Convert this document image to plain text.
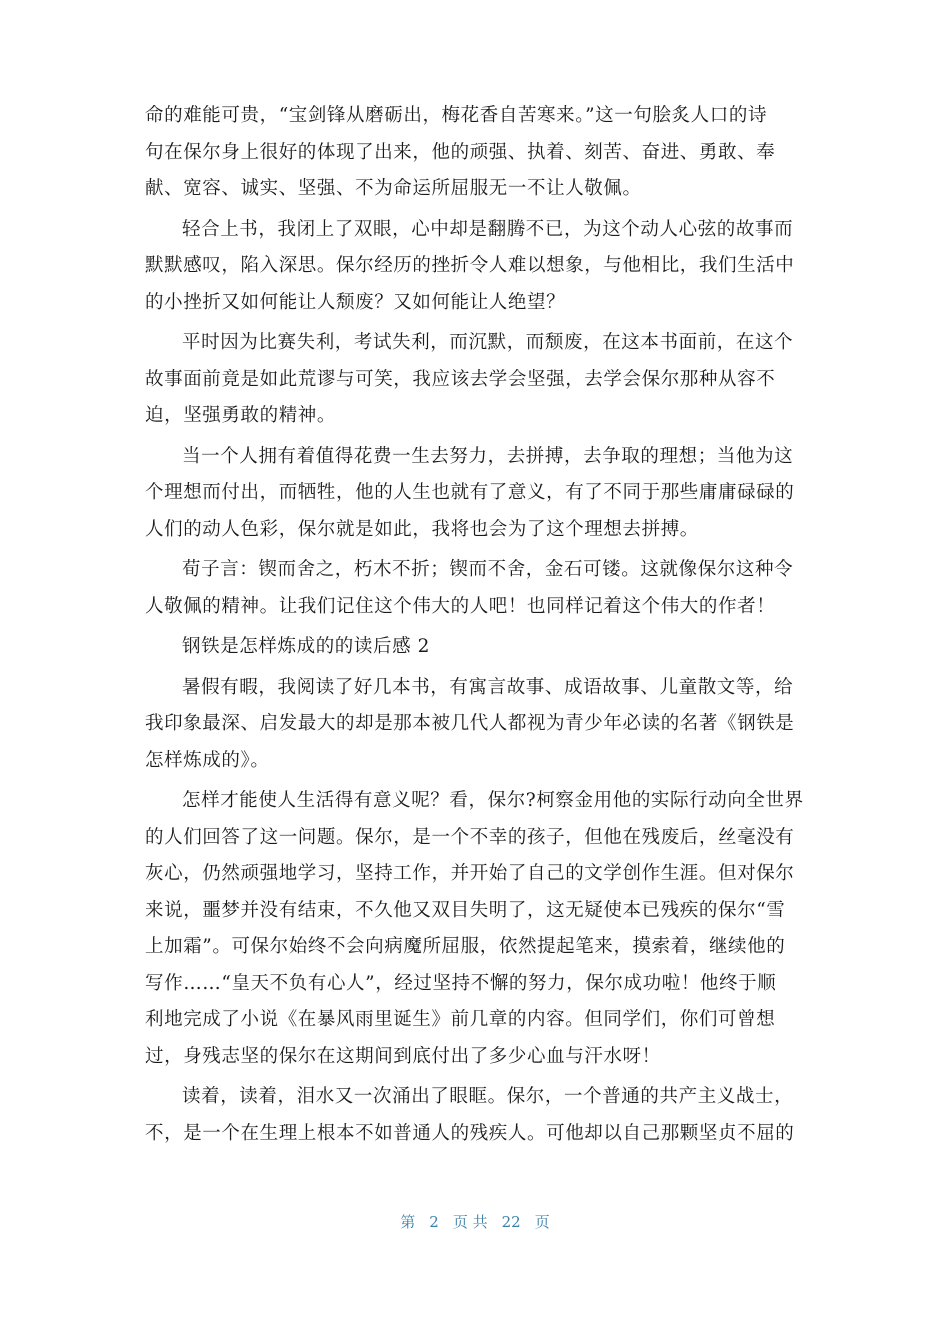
命的难能可贵，“宝剑锋从磨砺出，梅花香自苦寒来。”这一句脍炙人口的诗
句在保尔身上很好的体现了出来，他的顽强、执着、刻苦、奋进、勇敢、奉
献、宽容、诚实、坚强、不为命运所屈服无一不让人敬佩。
轻合上书，我闭上了双眼，心中却是翻腾不已，为这个动人心弦的故事而
默默感叹，陷入深思。保尔经历的挫折令人难以想象，与他相比，我们生活中
的小挫折又如何能让人颓废？又如何能让人绝望？
平时因为比赛失利，考试失利，而沉默，而颓废，在这本书面前，在这个
故事面前竟是如此荒谬与可笑，我应该去学会坚强，去学会保尔那种从容不
迫，坚强勇敢的精神。
当一个人拥有着值得花费一生去努力，去拼搏，去争取的理想；当他为这
个理想而付出，而牺牲，他的人生也就有了意义，有了不同于那些庸庸碌碌的
人们的动人色彩，保尔就是如此，我将也会为了这个理想去拼搏。
荀子言：锲而舍之，朽木不折；锲而不舍，金石可镂。这就像保尔这种令
人敬佩的精神。让我们记住这个伟大的人吧！也同样记着这个伟大的作者！
钢铁是怎样炼成的的读后感 2
暑假有暇，我阅读了好几本书，有寓言故事、成语故事、儿童散文等，给
我印象最深、启发最大的却是那本被几代人都视为青少年必读的名著《钢铁是
怎样炼成的》。
怎样才能使人生活得有意义呢？看，保尔?柯察金用他的实际行动向全世界
的人们回答了这一问题。保尔，是一个不幸的孩子，但他在残废后，丝毫没有
灰心，仍然顽强地学习，坚持工作，并开始了自己的文学创作生涯。但对保尔
来说，噩梦并没有结束，不久他又双目失明了，这无疑使本已残疾的保尔“雪
上加霜”。可保尔始终不会向病魔所屈服，依然提起笔来，摸索着，继续他的
写作……“皇天不负有心人”，经过坚持不懈的努力，保尔成功啦！他终于顺
利地完成了小说《在暴风雨里诞生》前几章的内容。但同学们，你们可曾想
过，身残志坚的保尔在这期间到底付出了多少心血与汗水呀！
读着，读着，泪水又一次涌出了眼眶。保尔，一个普通的共产主义战士，
不，是一个在生理上根本不如普通人的残疾人。可他却以自己那颗坚贞不屈的
第 2 页 共 22 页
